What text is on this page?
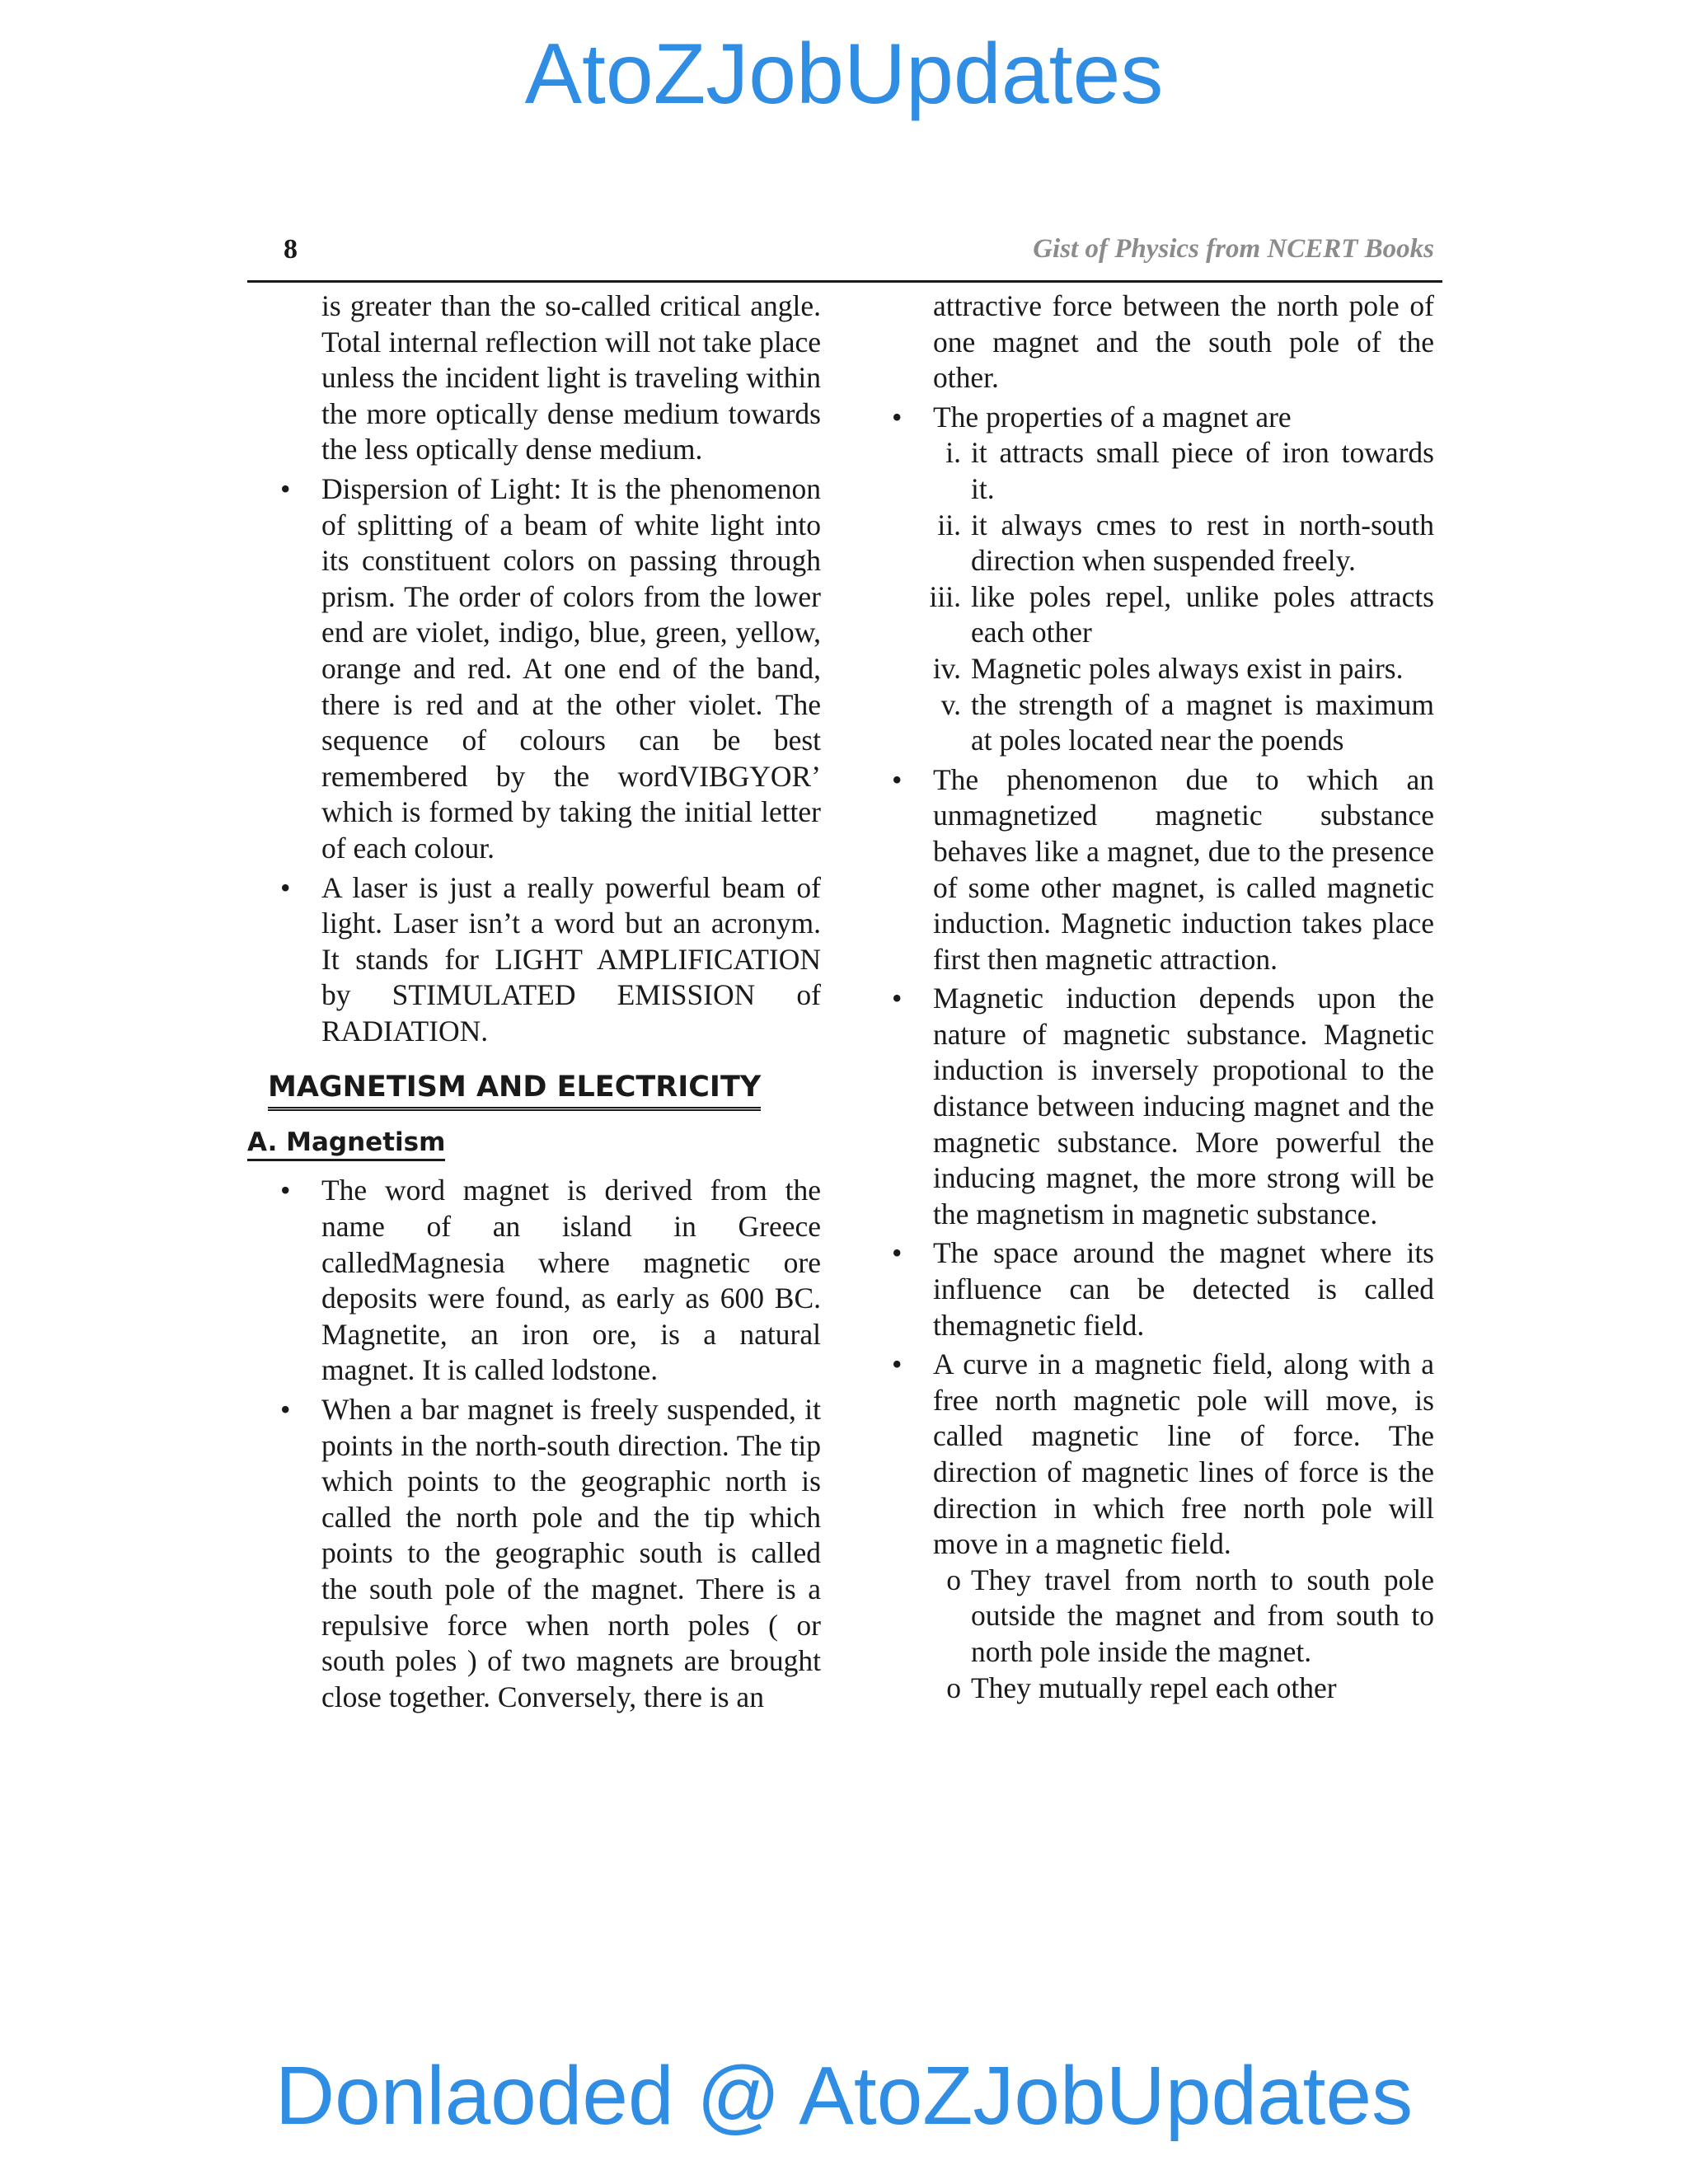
AtoZJobUpdates
8	Gist of Physics from NCERT Books

is greater than the so-called critical angle. Total internal reflection will not take place unless the incident light is traveling within the more optically dense medium towards the less optically dense medium.

•	Dispersion of Light: It is the phenomenon of splitting of a beam of white light into its constituent colors on passing through prism. The order of colors from the lower end are violet, indigo, blue, green, yellow, orange and red. At one end of the band, there is red and at the other violet. The sequence of colours can be best remembered by the wordVIBGYOR’ which is formed by taking the initial letter of each colour.
•	A laser is just a really powerful beam of light. Laser isn’t a word but an acronym. It stands for LIGHT AMPLIFICATION by STIMULATED EMISSION of RADIATION.
MAGNETISM AND ELECTRICITY
A. Magnetism
•	The word magnet is derived from the name of an island in Greece calledMagnesia where magnetic ore deposits were found, as early as 600 BC. Magnetite, an iron ore, is a natural magnet. It is called lodstone.
•	When a bar magnet is freely suspended, it points in the north-south direction. The tip which points to the geographic north is called the north pole and the tip which points to the geographic south is called the south pole of the magnet. There is a repulsive force when north poles ( or south poles ) of two magnets are brought close together. Conversely, there is an

attractive force between the north pole of one magnet and the south pole of the other.

•	The properties of a magnet are
i. it attracts small piece of iron towards it.
ii. it always cmes to rest in north-south direction when suspended freely.
iii. like poles repel, unlike poles attracts each other
iv. Magnetic poles always exist in pairs.
v. the strength of a magnet is maximum at poles located near the poends
•	The phenomenon due to which an unmagnetized magnetic substance behaves like a magnet, due to the presence of some other magnet, is called magnetic induction. Magnetic induction takes place first then magnetic attraction.
•	Magnetic induction depends upon the nature of magnetic substance. Magnetic induction is inversely propotional to the distance between inducing magnet and the magnetic substance. More powerful the inducing magnet, the more strong will be the magnetism in magnetic substance.
•	The space around the magnet where its influence can be detected is called themagnetic field.
•	A curve in a magnetic field, along with a free north magnetic pole will move, is called magnetic line of force. The direction of magnetic lines of force is the direction in which free north pole will move in a magnetic field.
o They travel from north to south pole outside the magnet and from south to north pole inside the magnet.
o They mutually repel each other
Donlaoded @ AtoZJobUpdates
